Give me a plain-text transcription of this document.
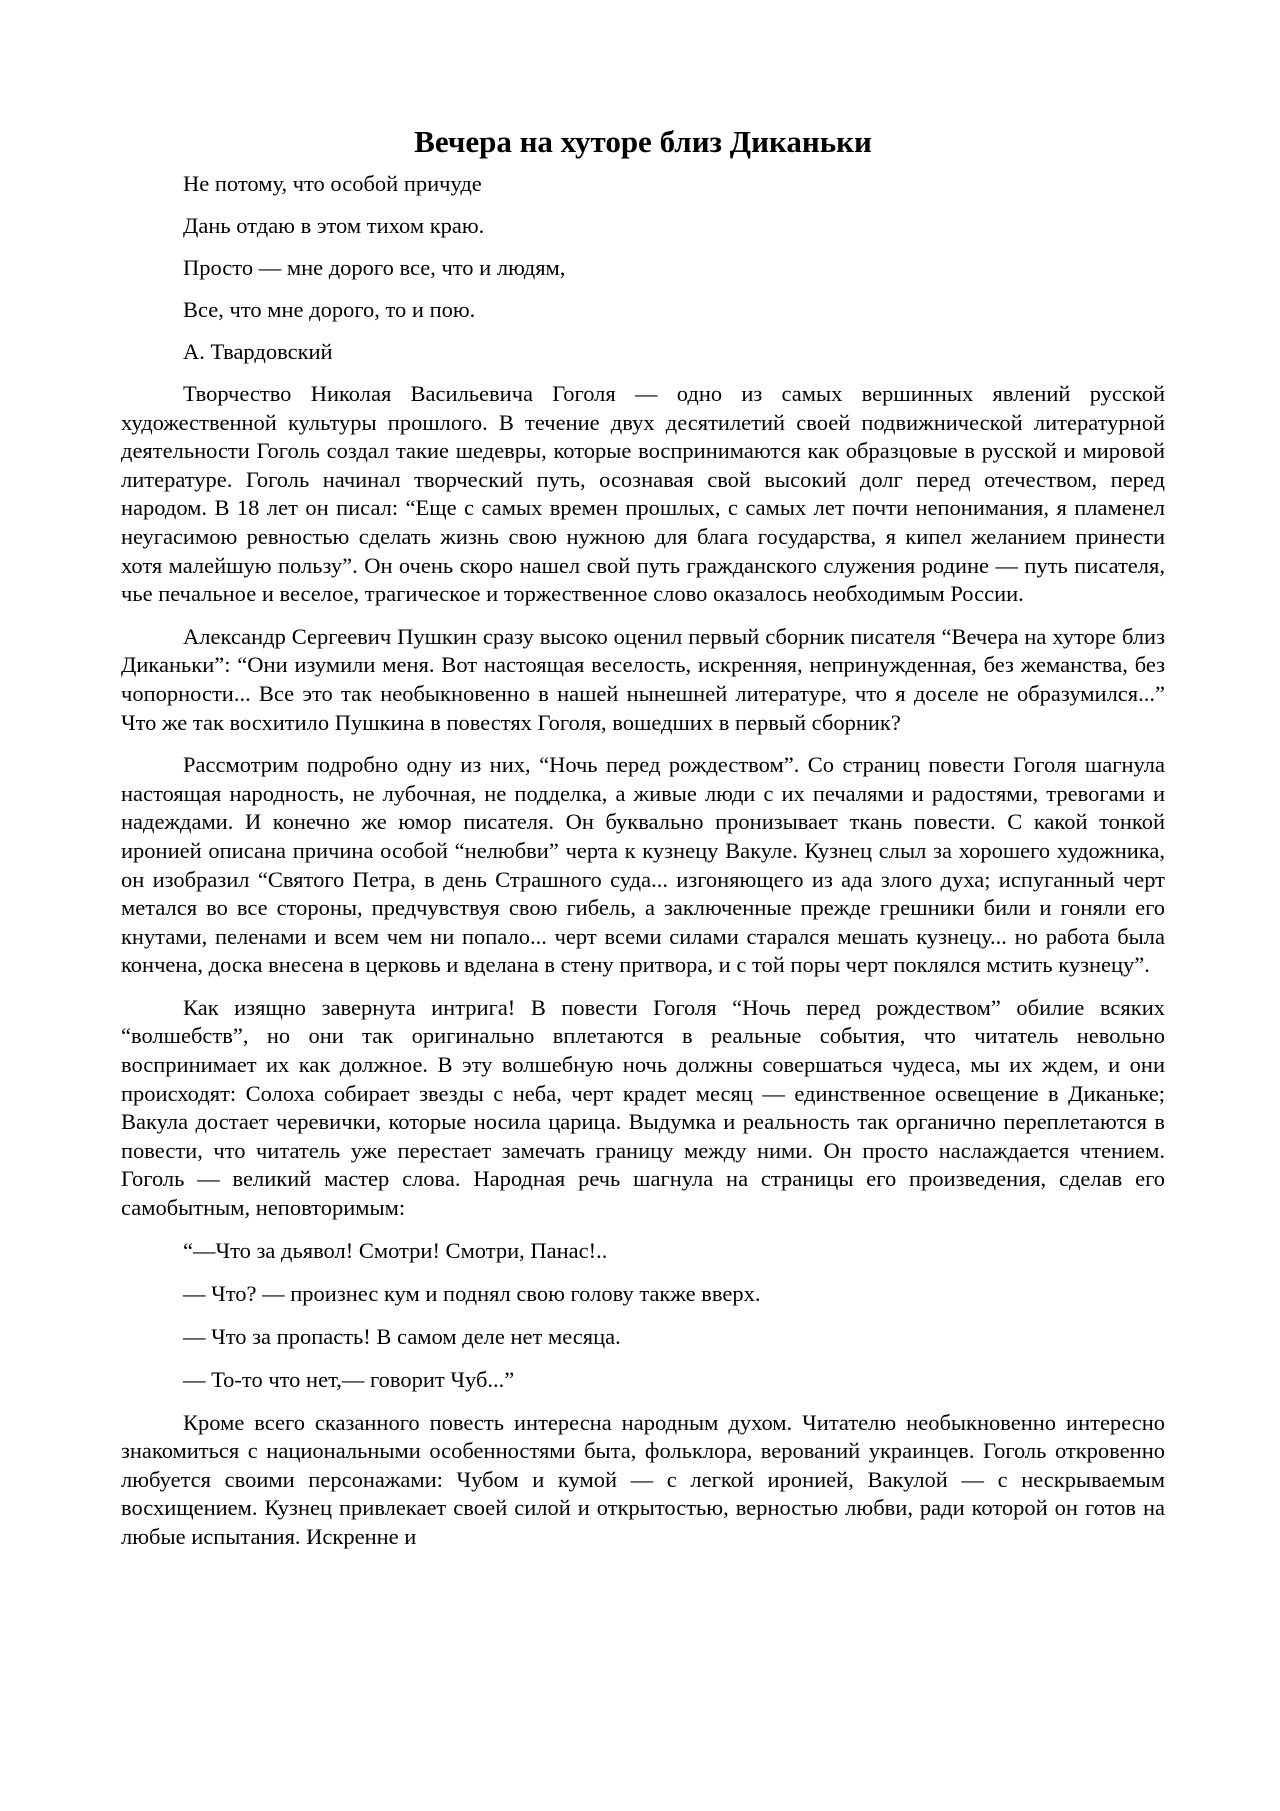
Вечера на хуторе близ Диканьки
Не потому, что особой причуде
Дань отдаю в этом тихом краю.
Просто — мне дорого все, что и людям,
Все, что мне дорого, то и пою.
А. Твардовский
Творчество Николая Васильевича Гоголя — одно из самых вершинных явлений русской художественной культуры прошлого. В течение двух десятилетий своей подвижнической литературной деятельности Гоголь создал такие шедевры, которые воспринимаются как образцовые в русской и мировой литературе. Гоголь начинал творческий путь, осознавая свой высокий долг перед отечеством, перед народом. В 18 лет он писал: “Еще с самых времен прошлых, с самых лет почти непонимания, я пламенел неугасимою ревностью сделать жизнь свою нужною для блага государства, я кипел желанием принести хотя малейшую пользу”. Он очень скоро нашел свой путь гражданского служения родине — путь писателя, чье печальное и веселое, трагическое и торжественное слово оказалось необходимым России.
Александр Сергеевич Пушкин сразу высоко оценил первый сборник писателя “Вечера на хуторе близ Диканьки”: “Они изумили меня. Вот настоящая веселость, искренняя, непринужденная, без жеманства, без чопорности... Все это так необыкновенно в нашей нынешней литературе, что я доселе не образумился...” Что же так восхитило Пушкина в повестях Гоголя, вошедших в первый сборник?
Рассмотрим подробно одну из них, “Ночь перед рождеством”. Со страниц повести Гоголя шагнула настоящая народность, не лубочная, не подделка, а живые люди с их печалями и радостями, тревогами и надеждами. И конечно же юмор писателя. Он буквально пронизывает ткань повести. С какой тонкой иронией описана причина особой “нелюбви” черта к кузнецу Вакуле. Кузнец слыл за хорошего художника, он изобразил “Святого Петра, в день Страшного суда... изгоняющего из ада злого духа; испуганный черт метался во все стороны, предчувствуя свою гибель, а заключенные прежде грешники били и гоняли его кнутами, пеленами и всем чем ни попало... черт всеми силами старался мешать кузнецу... но работа была кончена, доска внесена в церковь и вделана в стену притвора, и с той поры черт поклялся мстить кузнецу”.
Как изящно завернута интрига! В повести Гоголя “Ночь перед рождеством” обилие всяких “волшебств”, но они так оригинально вплетаются в реальные события, что читатель невольно воспринимает их как должное. В эту волшебную ночь должны совершаться чудеса, мы их ждем, и они происходят: Солоха собирает звезды с неба, черт крадет месяц — единственное освещение в Диканьке; Вакула достает черевички, которые носила царица. Выдумка и реальность так органично переплетаются в повести, что читатель уже перестает замечать границу между ними. Он просто наслаждается чтением. Гоголь — великий мастер слова. Народная речь шагнула на страницы его произведения, сделав его самобытным, неповторимым:
“—Что за дьявол! Смотри! Смотри, Панас!..
— Что? — произнес кум и поднял свою голову также вверх.
— Что за пропасть! В самом деле нет месяца.
— То-то что нет,— говорит Чуб...”
Кроме всего сказанного повесть интересна народным духом. Читателю необыкновенно интересно знакомиться с национальными особенностями быта, фольклора, верований украинцев. Гоголь откровенно любуется своими персонажами: Чубом и кумой — с легкой иронией, Вакулой — с нескрываемым восхищением. Кузнец привлекает своей силой и открытостью, верностью любви, ради которой он готов на любые испытания. Искренне и
